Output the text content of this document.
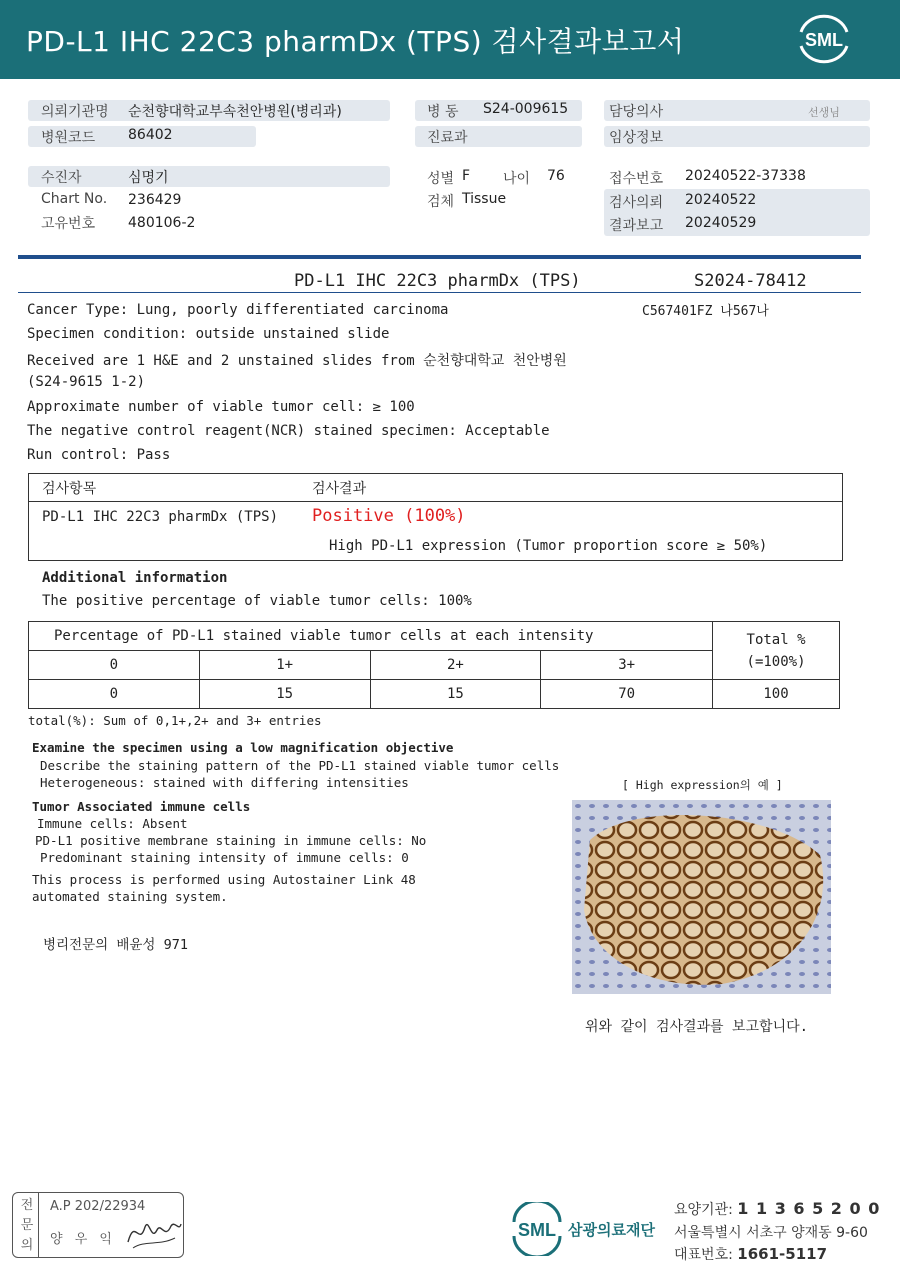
PD-L1 IHC 22C3 pharmDx (TPS) 검사결과보고서	SML
의뢰기관명 순천향대학교부속천안병원(병리과)
병원코드 86402
병 동 S24-009615
진료과
담당의사	선생님
임상정보
수진자	심명기
Chart No. 236429
고유번호 480106-2
성별 F 나이 76
검체 Tissue
접수번호 20240522-37338
검사의뢰 20240522
결과보고 20240529
PD-L1 IHC 22C3 pharmDx (TPS)	S2024-78412
C567401FZ 나567나
Cancer Type: Lung, poorly differentiated carcinoma
Specimen condition: outside unstained slide
Received are 1 H&E and 2 unstained slides from 순천향대학교 천안병원
(S24-9615 1-2)
Approximate number of viable tumor cell: ≥ 100
The negative control reagent(NCR) stained specimen: Acceptable
Run control: Pass
검사항목	검사결과
PD-L1 IHC 22C3 pharmDx (TPS) Positive (100%)
High PD-L1 expression (Tumor proportion score ≥ 50%)
Additional information
The positive percentage of viable tumor cells: 100%
Percentage of PD-L1 stained viable tumor cells at each intensity				Total %
(=100%)

0	1+	2+	3+	
0	15	15	70	100
total(%): Sum of 0,1+,2+ and 3+ entries
Examine the specimen using a low magnification objective
Describe the staining pattern of the PD-L1 stained viable tumor cells
Heterogeneous: stained with differing intensities	[ High expression의 예 ]
Tumor Associated immune cells
Immune cells: Absent
PD-L1 positive membrane staining in immune cells: No
Predominant staining intensity of immune cells: 0
This process is performed using Autostainer Link 48
automated staining system.
병리전문의 배윤성 971
위와 같이 검사결과를 보고합니다.
전
문
의
A.P 202/22934
양 우 익	SML 삼광의료재단
요양기관: 1 1 3 6 5 2 0 0
서울특별시 서초구 양재동 9-60
대표번호: 1661-5117
